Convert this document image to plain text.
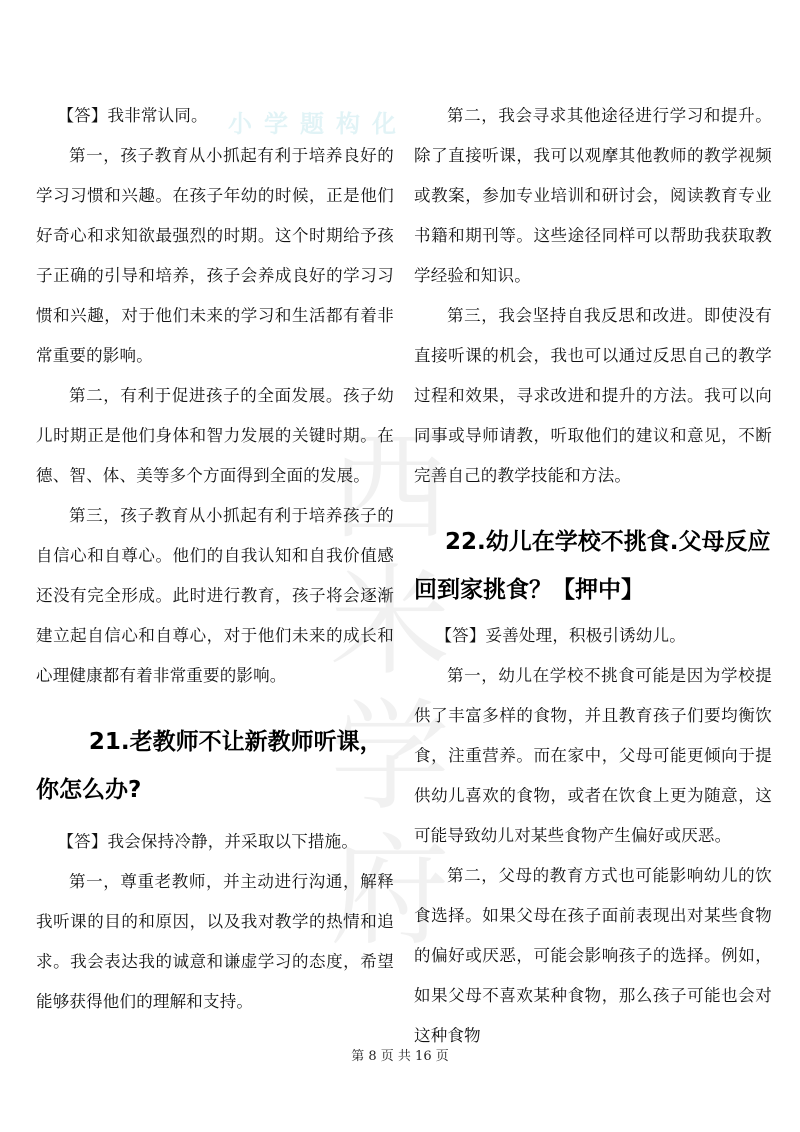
小学题构化
西米
学府

【答】我非常认同。

第一，孩子教育从小抓起有利于培养良好的学习习惯和兴趣。在孩子年幼的时候，正是他们好奇心和求知欲最强烈的时期。这个时期给予孩子正确的引导和培养，孩子会养成良好的学习习惯和兴趣，对于他们未来的学习和生活都有着非常重要的影响。

第二，有利于促进孩子的全面发展。孩子幼儿时期正是他们身体和智力发展的关键时期。在德、智、体、美等多个方面得到全面的发展。

第三，孩子教育从小抓起有利于培养孩子的自信心和自尊心。他们的自我认知和自我价值感还没有完全形成。此时进行教育，孩子将会逐渐建立起自信心和自尊心，对于他们未来的成长和心理健康都有着非常重要的影响。

21.老教师不让新教师听课，你怎么办?

【答】我会保持冷静，并采取以下措施。

第一，尊重老教师，并主动进行沟通，解释我听课的目的和原因，以及我对教学的热情和追求。我会表达我的诚意和谦虚学习的态度，希望能够获得他们的理解和支持。

第二，我会寻求其他途径进行学习和提升。除了直接听课，我可以观摩其他教师的教学视频或教案，参加专业培训和研讨会，阅读教育专业书籍和期刊等。这些途径同样可以帮助我获取教学经验和知识。

第三，我会坚持自我反思和改进。即使没有直接听课的机会，我也可以通过反思自己的教学过程和效果，寻求改进和提升的方法。我可以向同事或导师请教，听取他们的建议和意见，不断完善自己的教学技能和方法。

22.幼儿在学校不挑食.父母反应回到家挑食？【押中】

【答】妥善处理，积极引诱幼儿。

第一，幼儿在学校不挑食可能是因为学校提供了丰富多样的食物，并且教育孩子们要均衡饮食，注重营养。而在家中，父母可能更倾向于提供幼儿喜欢的食物，或者在饮食上更为随意，这可能导致幼儿对某些食物产生偏好或厌恶。

第二，父母的教育方式也可能影响幼儿的饮食选择。如果父母在孩子面前表现出对某些食物的偏好或厌恶，可能会影响孩子的选择。例如，如果父母不喜欢某种食物，那么孩子可能也会对这种食物

第 8 页 共 16 页
